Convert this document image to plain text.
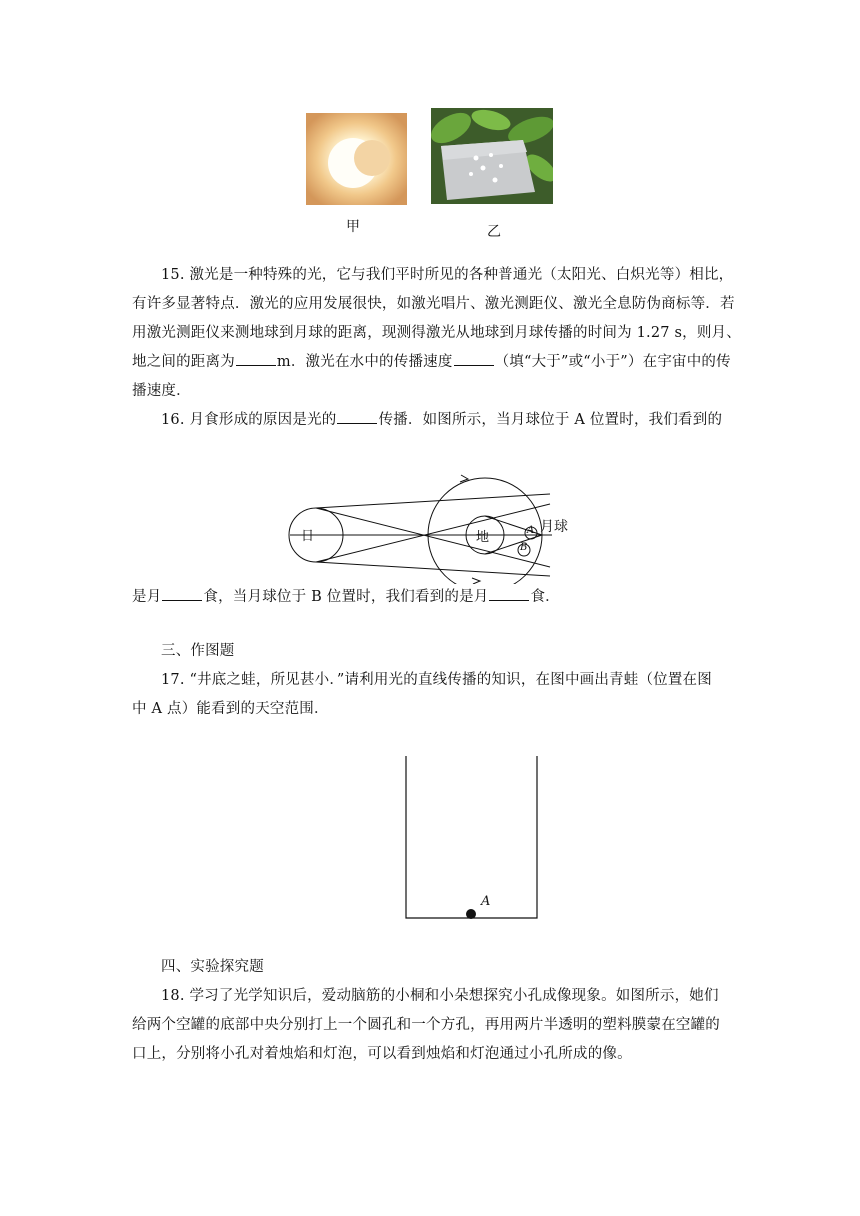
甲	乙
15. 激光是一种特殊的光，它与我们平时所见的各种普通光（太阳光、白炽光等）相比，
有许多显著特点．激光的应用发展很快，如激光唱片、激光测距仪、激光全息防伪商标等．若
用激光测距仪来测地球到月球的距离，现测得激光从地球到月球传播的时间为 1.27 s，则月、
地之间的距离为	m．激光在水中的传播速度	（填“大于”或“小于”）在宇宙中的传
播速度．
16. 月食形成的原因是光的	传播．如图所示，当月球位于 A 位置时，我们看到的
日	地
月球
A
B
是月	食，当月球位于 B 位置时，我们看到的是月	食．
三、作图题
17. “井底之蛙，所见甚小．”请利用光的直线传播的知识，在图中画出青蛙（位置在图
中 A 点）能看到的天空范围．
A
四、实验探究题
18. 学习了光学知识后，爱动脑筋的小桐和小朵想探究小孔成像现象。如图所示，她们
给两个空罐的底部中央分别打上一个圆孔和一个方孔，再用两片半透明的塑料膜蒙在空罐的
口上，分别将小孔对着烛焰和灯泡，可以看到烛焰和灯泡通过小孔所成的像。
